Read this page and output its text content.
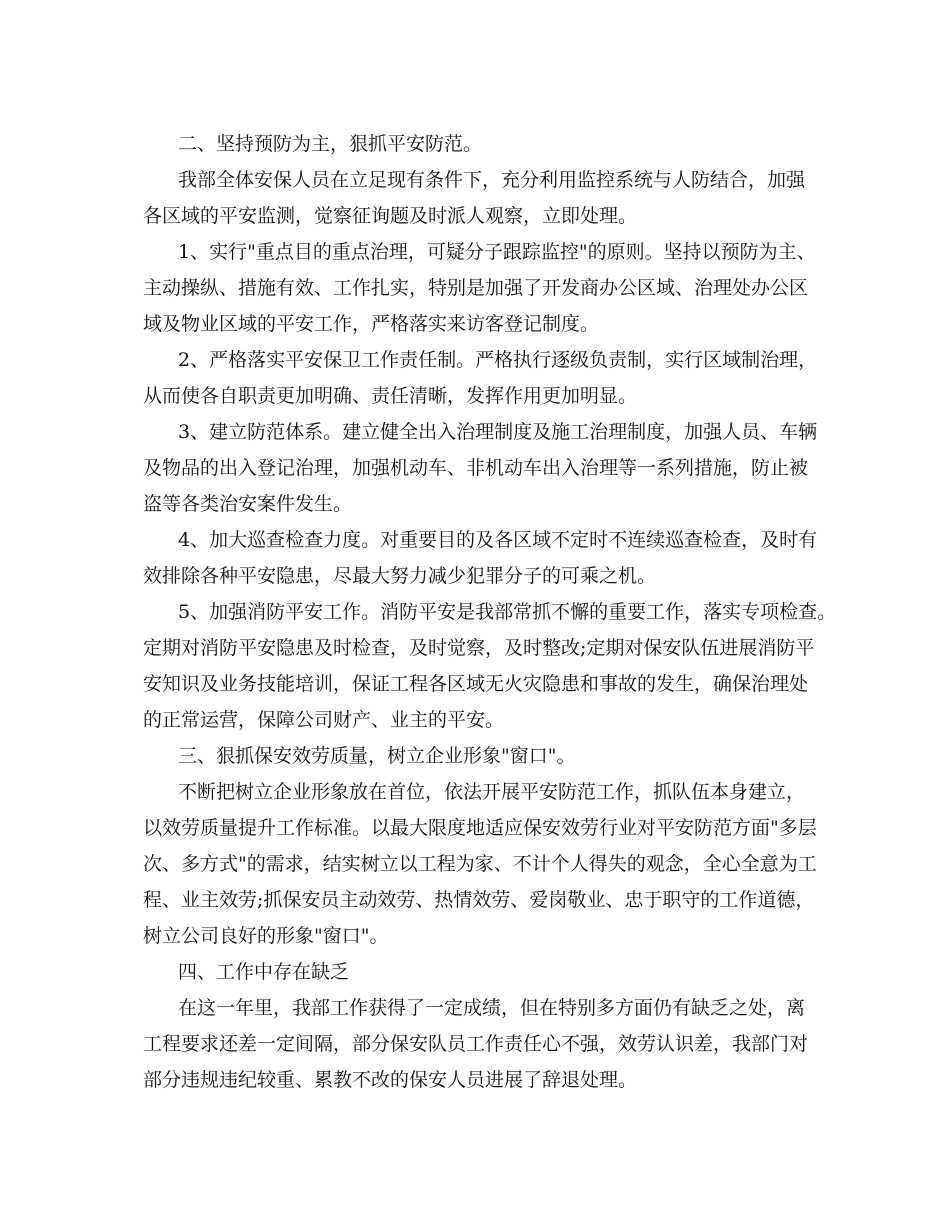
二、坚持预防为主，狠抓平安防范。
我部全体安保人员在立足现有条件下，充分利用监控系统与人防结合，加强
各区域的平安监测，觉察征询题及时派人观察，立即处理。
1、实行"重点目的重点治理，可疑分子跟踪监控"的原则。坚持以预防为主、
主动操纵、措施有效、工作扎实，特别是加强了开发商办公区域、治理处办公区
域及物业区域的平安工作，严格落实来访客登记制度。
2、严格落实平安保卫工作责任制。严格执行逐级负责制，实行区域制治理，
从而使各自职责更加明确、责任清晰，发挥作用更加明显。
3、建立防范体系。建立健全出入治理制度及施工治理制度，加强人员、车辆
及物品的出入登记治理，加强机动车、非机动车出入治理等一系列措施，防止被
盗等各类治安案件发生。
4、加大巡查检查力度。对重要目的及各区域不定时不连续巡查检查，及时有
效排除各种平安隐患，尽最大努力减少犯罪分子的可乘之机。
5、加强消防平安工作。消防平安是我部常抓不懈的重要工作，落实专项检查。
定期对消防平安隐患及时检查，及时觉察，及时整改;定期对保安队伍进展消防平
安知识及业务技能培训，保证工程各区域无火灾隐患和事故的发生，确保治理处
的正常运营，保障公司财产、业主的平安。
三、狠抓保安效劳质量，树立企业形象"窗口"。
不断把树立企业形象放在首位，依法开展平安防范工作，抓队伍本身建立，
以效劳质量提升工作标准。以最大限度地适应保安效劳行业对平安防范方面"多层
次、多方式"的需求，结实树立以工程为家、不计个人得失的观念，全心全意为工
程、业主效劳;抓保安员主动效劳、热情效劳、爱岗敬业、忠于职守的工作道德，
树立公司良好的形象"窗口"。
四、工作中存在缺乏
在这一年里，我部工作获得了一定成绩，但在特别多方面仍有缺乏之处，离
工程要求还差一定间隔，部分保安队员工作责任心不强，效劳认识差，我部门对
部分违规违纪较重、累教不改的保安人员进展了辞退处理。
